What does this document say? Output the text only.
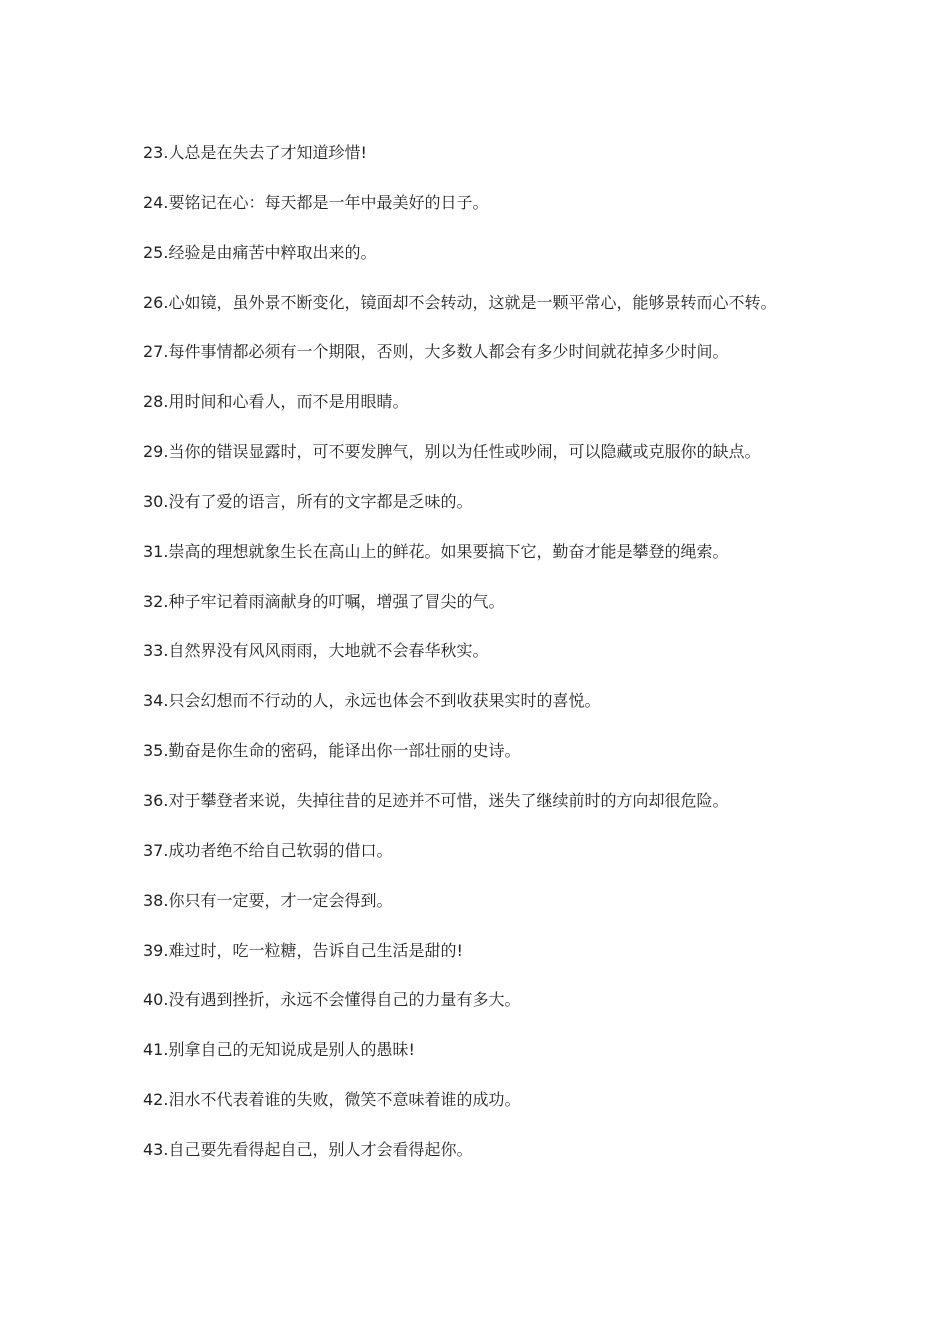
23.人总是在失去了才知道珍惜!
24.要铭记在心：每天都是一年中最美好的日子。
25.经验是由痛苦中粹取出来的。
26.心如镜，虽外景不断变化，镜面却不会转动，这就是一颗平常心，能够景转而心不转。
27.每件事情都必须有一个期限，否则，大多数人都会有多少时间就花掉多少时间。
28.用时间和心看人，而不是用眼睛。
29.当你的错误显露时，可不要发脾气，别以为任性或吵闹，可以隐藏或克服你的缺点。
30.没有了爱的语言，所有的文字都是乏味的。
31.崇高的理想就象生长在高山上的鲜花。如果要搞下它，勤奋才能是攀登的绳索。
32.种子牢记着雨滴献身的叮嘱，增强了冒尖的气。
33.自然界没有风风雨雨，大地就不会春华秋实。
34.只会幻想而不行动的人，永远也体会不到收获果实时的喜悦。
35.勤奋是你生命的密码，能译出你一部壮丽的史诗。
36.对于攀登者来说，失掉往昔的足迹并不可惜，迷失了继续前时的方向却很危险。
37.成功者绝不给自己软弱的借口。
38.你只有一定要，才一定会得到。
39.难过时，吃一粒糖，告诉自己生活是甜的!
40.没有遇到挫折，永远不会懂得自己的力量有多大。
41.别拿自己的无知说成是别人的愚昧!
42.泪水不代表着谁的失败，微笑不意味着谁的成功。
43.自己要先看得起自己，别人才会看得起你。
